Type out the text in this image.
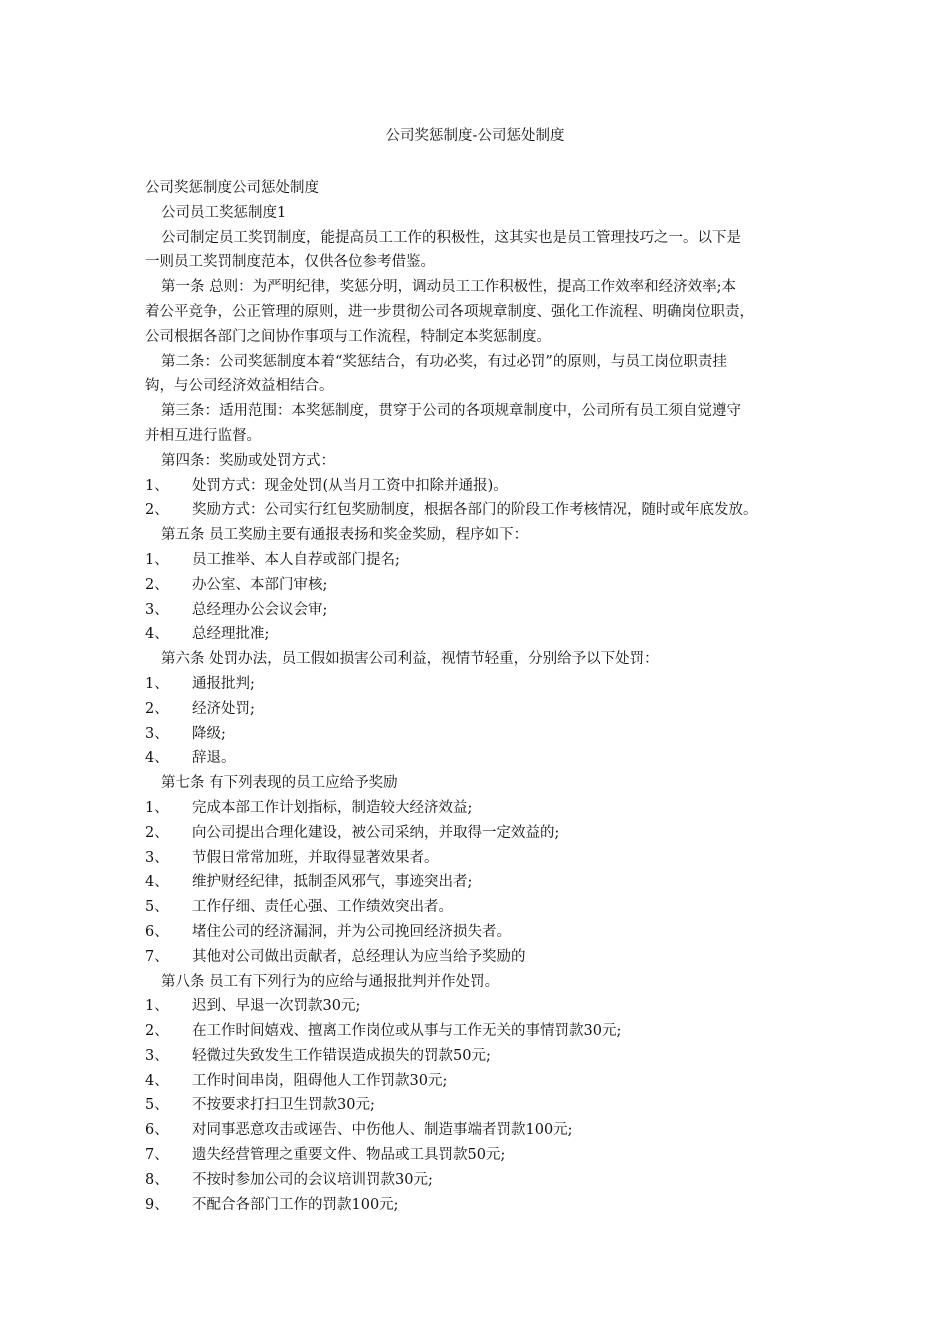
公司奖惩制度-公司惩处制度
公司奖惩制度公司惩处制度
公司员工奖惩制度1
公司制定员工奖罚制度，能提高员工工作的积极性，这其实也是员工管理技巧之一。以下是
一则员工奖罚制度范本，仅供各位参考借鉴。
第一条 总则：为严明纪律，奖惩分明，调动员工工作积极性，提高工作效率和经济效率;本
着公平竞争，公正管理的原则，进一步贯彻公司各项规章制度、强化工作流程、明确岗位职责，
公司根据各部门之间协作事项与工作流程，特制定本奖惩制度。
第二条：公司奖惩制度本着“奖惩结合，有功必奖，有过必罚”的原则，与员工岗位职责挂
钩，与公司经济效益相结合。
第三条：适用范围：本奖惩制度，贯穿于公司的各项规章制度中，公司所有员工须自觉遵守
并相互进行监督。
第四条：奖励或处罚方式：
1、	处罚方式：现金处罚(从当月工资中扣除并通报)。
2、	奖励方式：公司实行红包奖励制度，根据各部门的阶段工作考核情况，随时或年底发放。
第五条 员工奖励主要有通报表扬和奖金奖励，程序如下：
1、	员工推举、本人自荐或部门提名;
2、	办公室、本部门审核;
3、	总经理办公会议会审;
4、	总经理批准;
第六条 处罚办法，员工假如损害公司利益，视情节轻重，分别给予以下处罚：
1、	通报批判;
2、	经济处罚;
3、	降级;
4、	辞退。
第七条 有下列表现的员工应给予奖励
1、	完成本部工作计划指标，制造较大经济效益;
2、	向公司提出合理化建设，被公司采纳，并取得一定效益的;
3、	节假日常常加班，并取得显著效果者。
4、	维护财经纪律，抵制歪风邪气，事迹突出者;
5、	工作仔细、责任心强、工作绩效突出者。
6、	堵住公司的经济漏洞，并为公司挽回经济损失者。
7、	其他对公司做出贡献者，总经理认为应当给予奖励的
第八条 员工有下列行为的应给与通报批判并作处罚。
1、	迟到、早退一次罚款30元;
2、	在工作时间嬉戏、擅离工作岗位或从事与工作无关的事情罚款30元;
3、	轻微过失致发生工作错误造成损失的罚款50元;
4、	工作时间串岗，阻碍他人工作罚款30元;
5、	不按要求打扫卫生罚款30元;
6、	对同事恶意攻击或诬告、中伤他人、制造事端者罚款100元;
7、	遗失经营管理之重要文件、物品或工具罚款50元;
8、	不按时参加公司的会议培训罚款30元;
9、	不配合各部门工作的罚款100元;
